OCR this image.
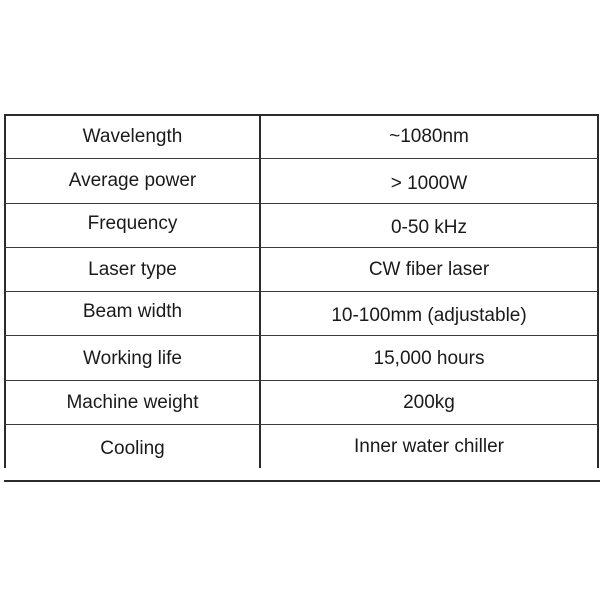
Wavelength	~1080nm
Average power	> 1000W
Frequency	0-50 kHz
Laser type	CW fiber laser
Beam width	10-100mm (adjustable)
Working life	15,000 hours
Machine weight	200kg
Cooling	Inner water chiller
